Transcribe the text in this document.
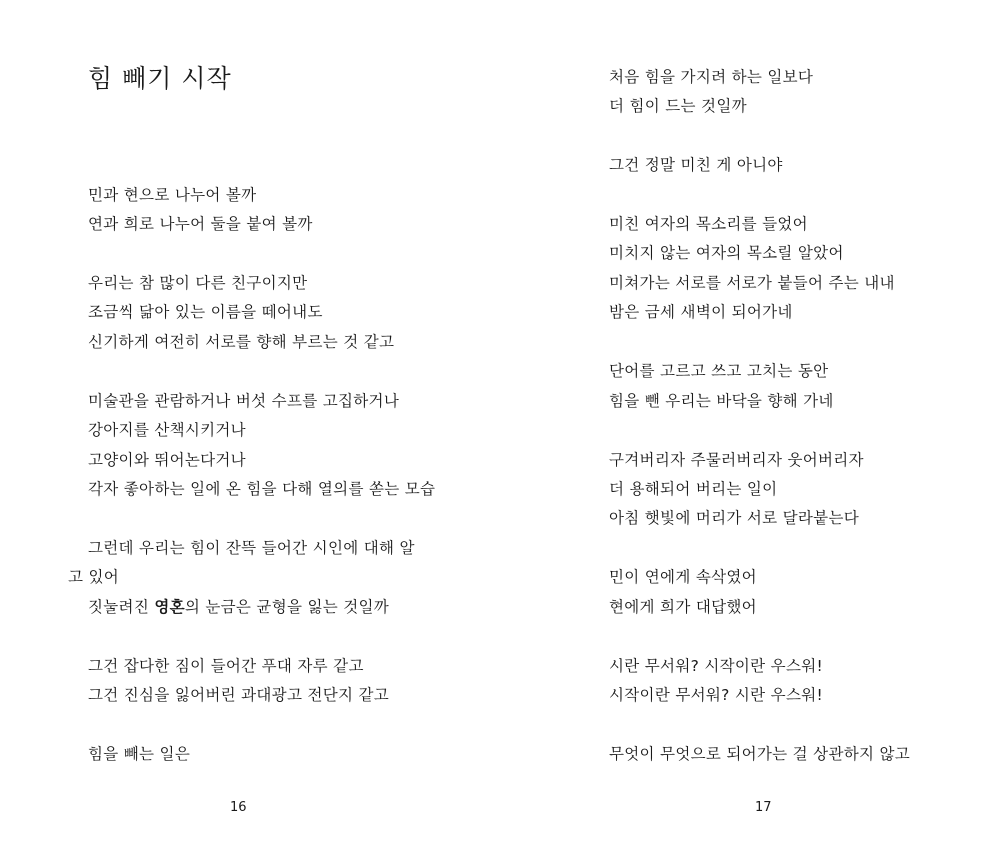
힘 빼기 시작
민과 현으로 나누어 볼까
연과 희로 나누어 둘을 붙여 볼까
우리는 참 많이 다른 친구이지만
조금씩 닮아 있는 이름을 떼어내도
신기하게 여전히 서로를 향해 부르는 것 같고
미술관을 관람하거나 버섯 수프를 고집하거나
강아지를 산책시키거나
고양이와 뛰어논다거나
각자 좋아하는 일에 온 힘을 다해 열의를 쏟는 모습
그런데 우리는 힘이 잔뜩 들어간 시인에 대해 알
고 있어
짓눌려진 영혼의 눈금은 균형을 잃는 것일까
그건 잡다한 짐이 들어간 푸대 자루 같고
그건 진심을 잃어버린 과대광고 전단지 같고
힘을 빼는 일은
16
처음 힘을 가지려 하는 일보다
더 힘이 드는 것일까
그건 정말 미친 게 아니야
미친 여자의 목소리를 들었어
미치지 않는 여자의 목소릴 알았어
미쳐가는 서로를 서로가 붙들어 주는 내내
밤은 금세 새벽이 되어가네
단어를 고르고 쓰고 고치는 동안
힘을 뺀 우리는 바닥을 향해 가네
구겨버리자 주물러버리자 웃어버리자
더 용해되어 버리는 일이
아침 햇빛에 머리가 서로 달라붙는다
민이 연에게 속삭였어
현에게 희가 대답했어
시란 무서워? 시작이란 우스워!
시작이란 무서워? 시란 우스워!
무엇이 무엇으로 되어가는 걸 상관하지 않고
17
